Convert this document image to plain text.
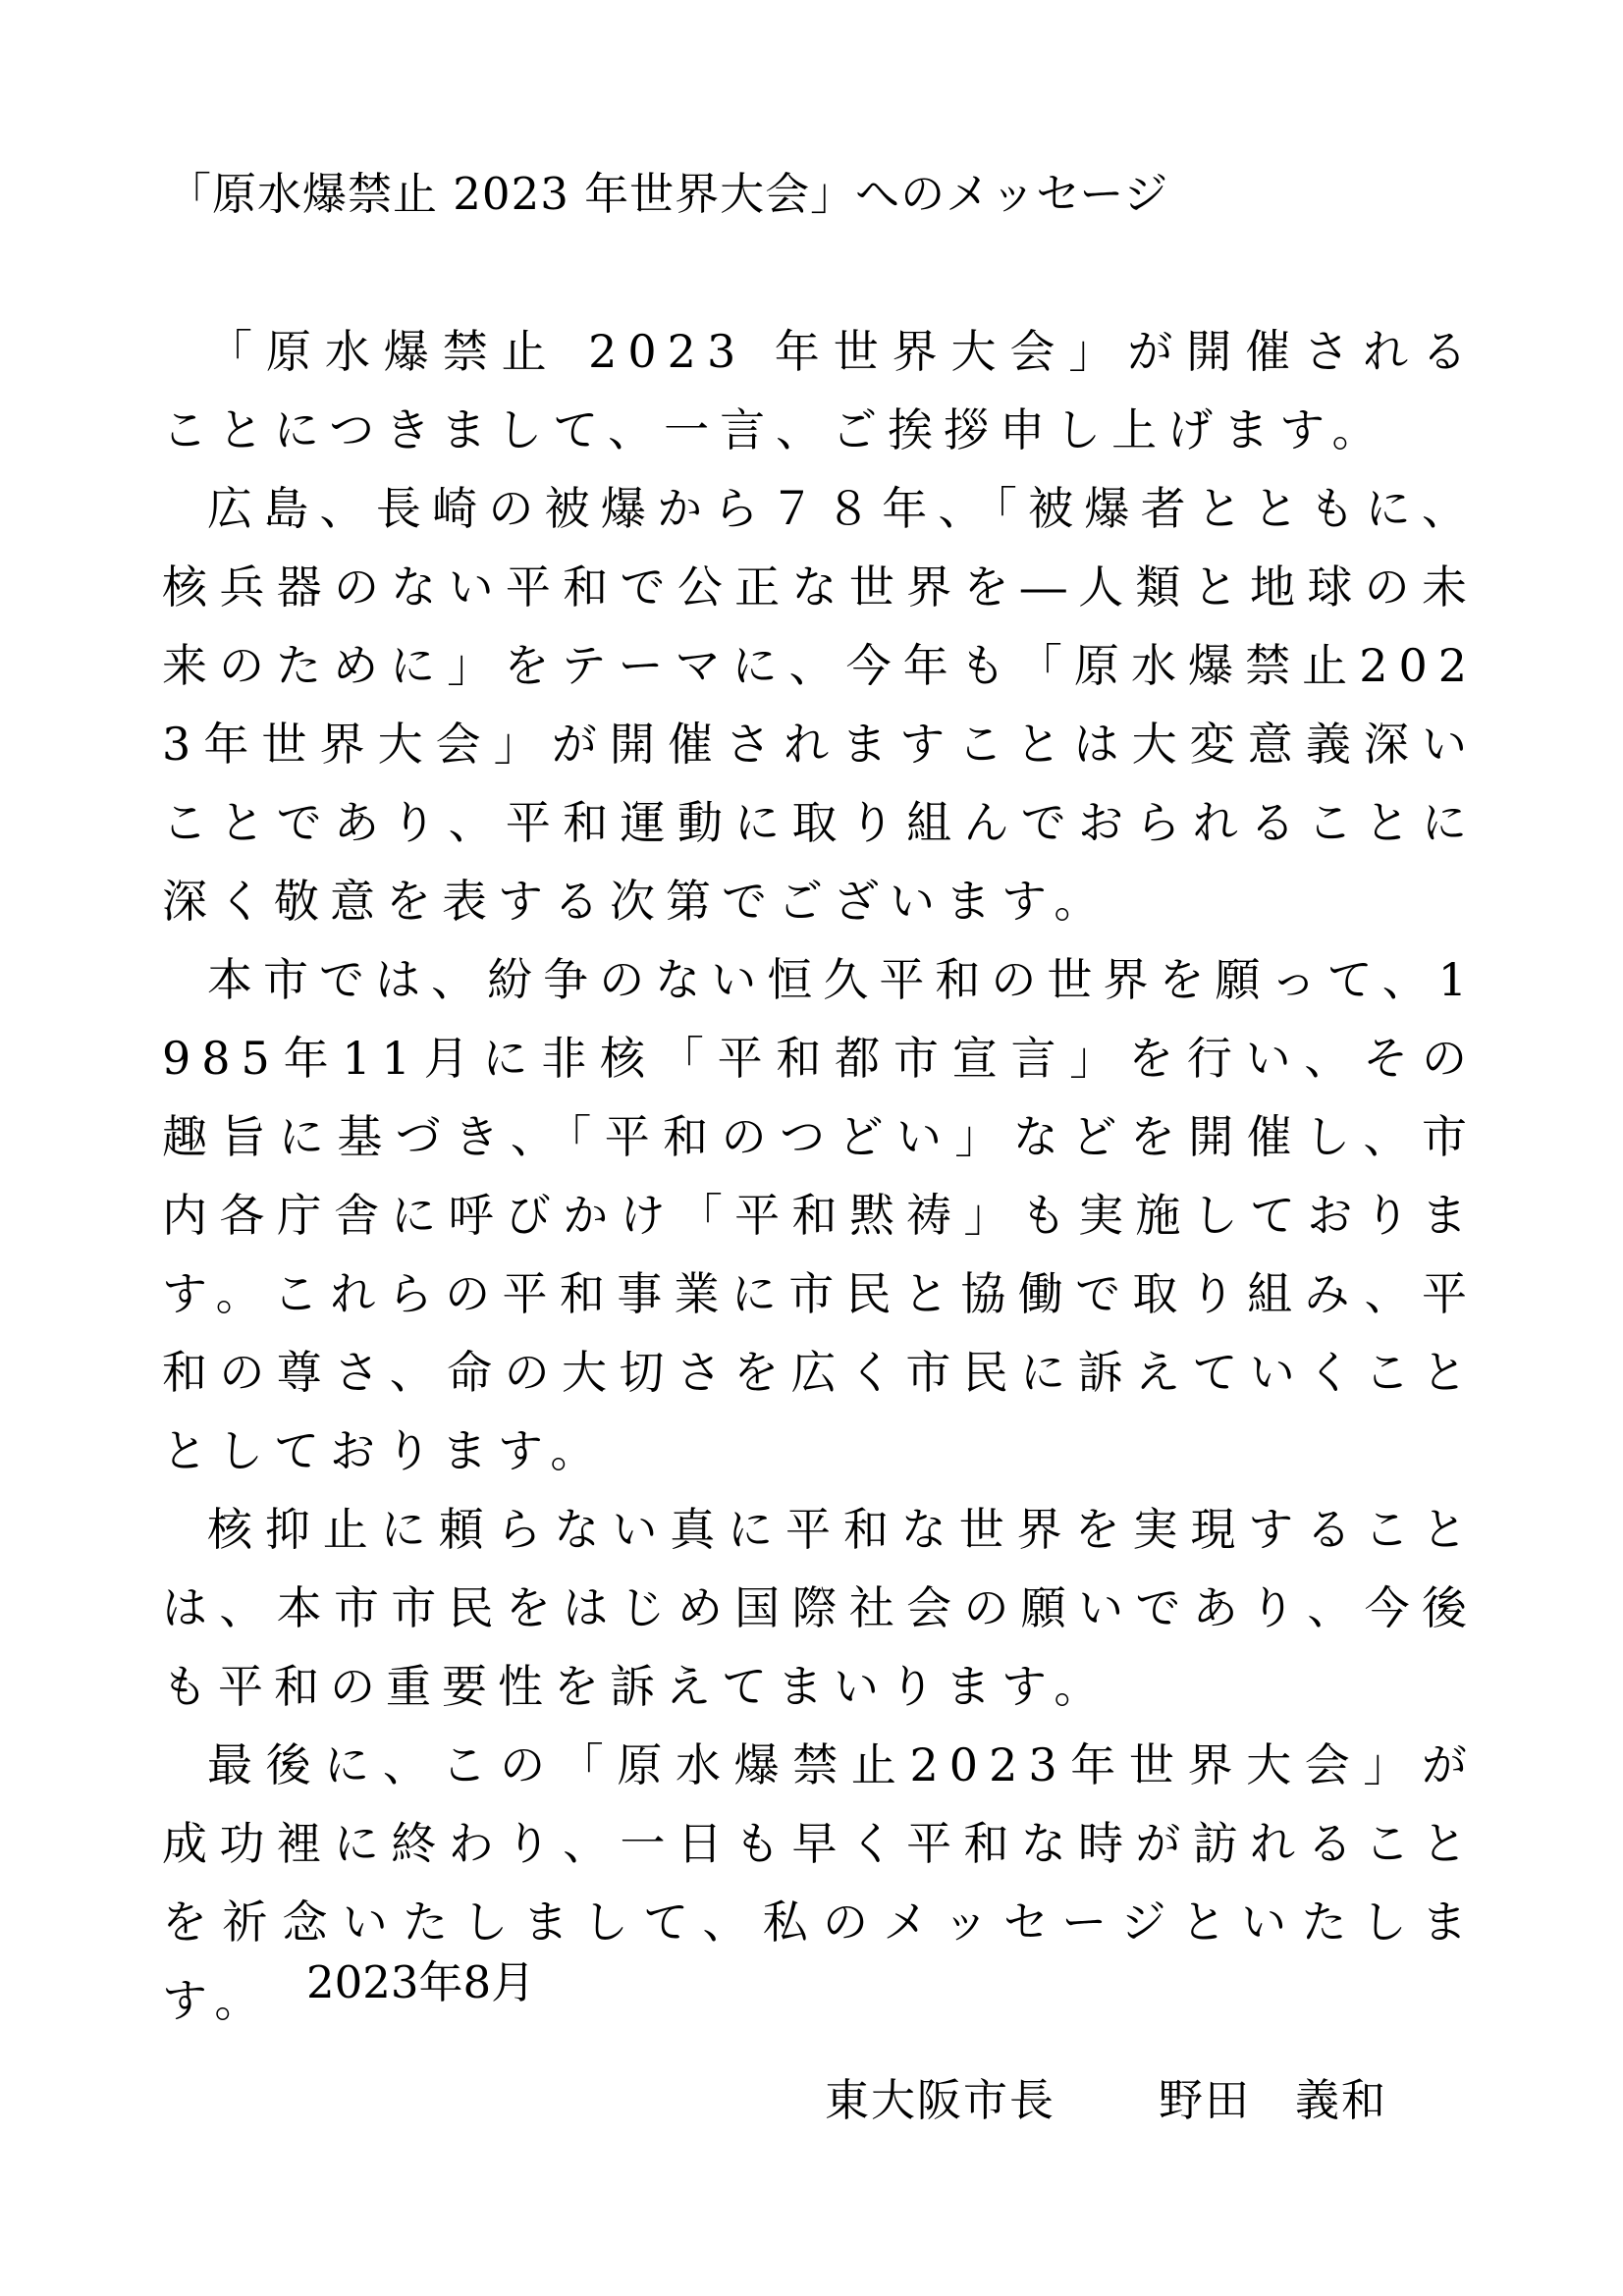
「原水爆禁止 2023 年世界大会」へのメッセージ

「原水爆禁止 2023 年世界大会」が開催されることにつきまして、一言、ご挨拶申し上げます。

広島、長崎の被爆から７８年、「被爆者とともに、核兵器のない平和で公正な世界を―人類と地球の未来のために」をテーマに、今年も「原水爆禁止2023年世界大会」が開催されますことは大変意義深いことであり、平和運動に取り組んでおられることに深く敬意を表する次第でございます。

本市では、紛争のない恒久平和の世界を願って、1985年11月に非核「平和都市宣言」を行い、その趣旨に基づき、「平和のつどい」などを開催し、市内各庁舎に呼びかけ「平和黙祷」も実施しております。これらの平和事業に市民と協働で取り組み、平和の尊さ、命の大切さを広く市民に訴えていくこととしております。

核抑止に頼らない真に平和な世界を実現することは、本市市民をはじめ国際社会の願いであり、今後も平和の重要性を訴えてまいります。

最後に、この「原水爆禁止2023年世界大会」が成功裡に終わり、一日も早く平和な時が訪れることを祈念いたしまして、私のメッセージといたします。 2023年8月
東大阪市長 野田 義和
